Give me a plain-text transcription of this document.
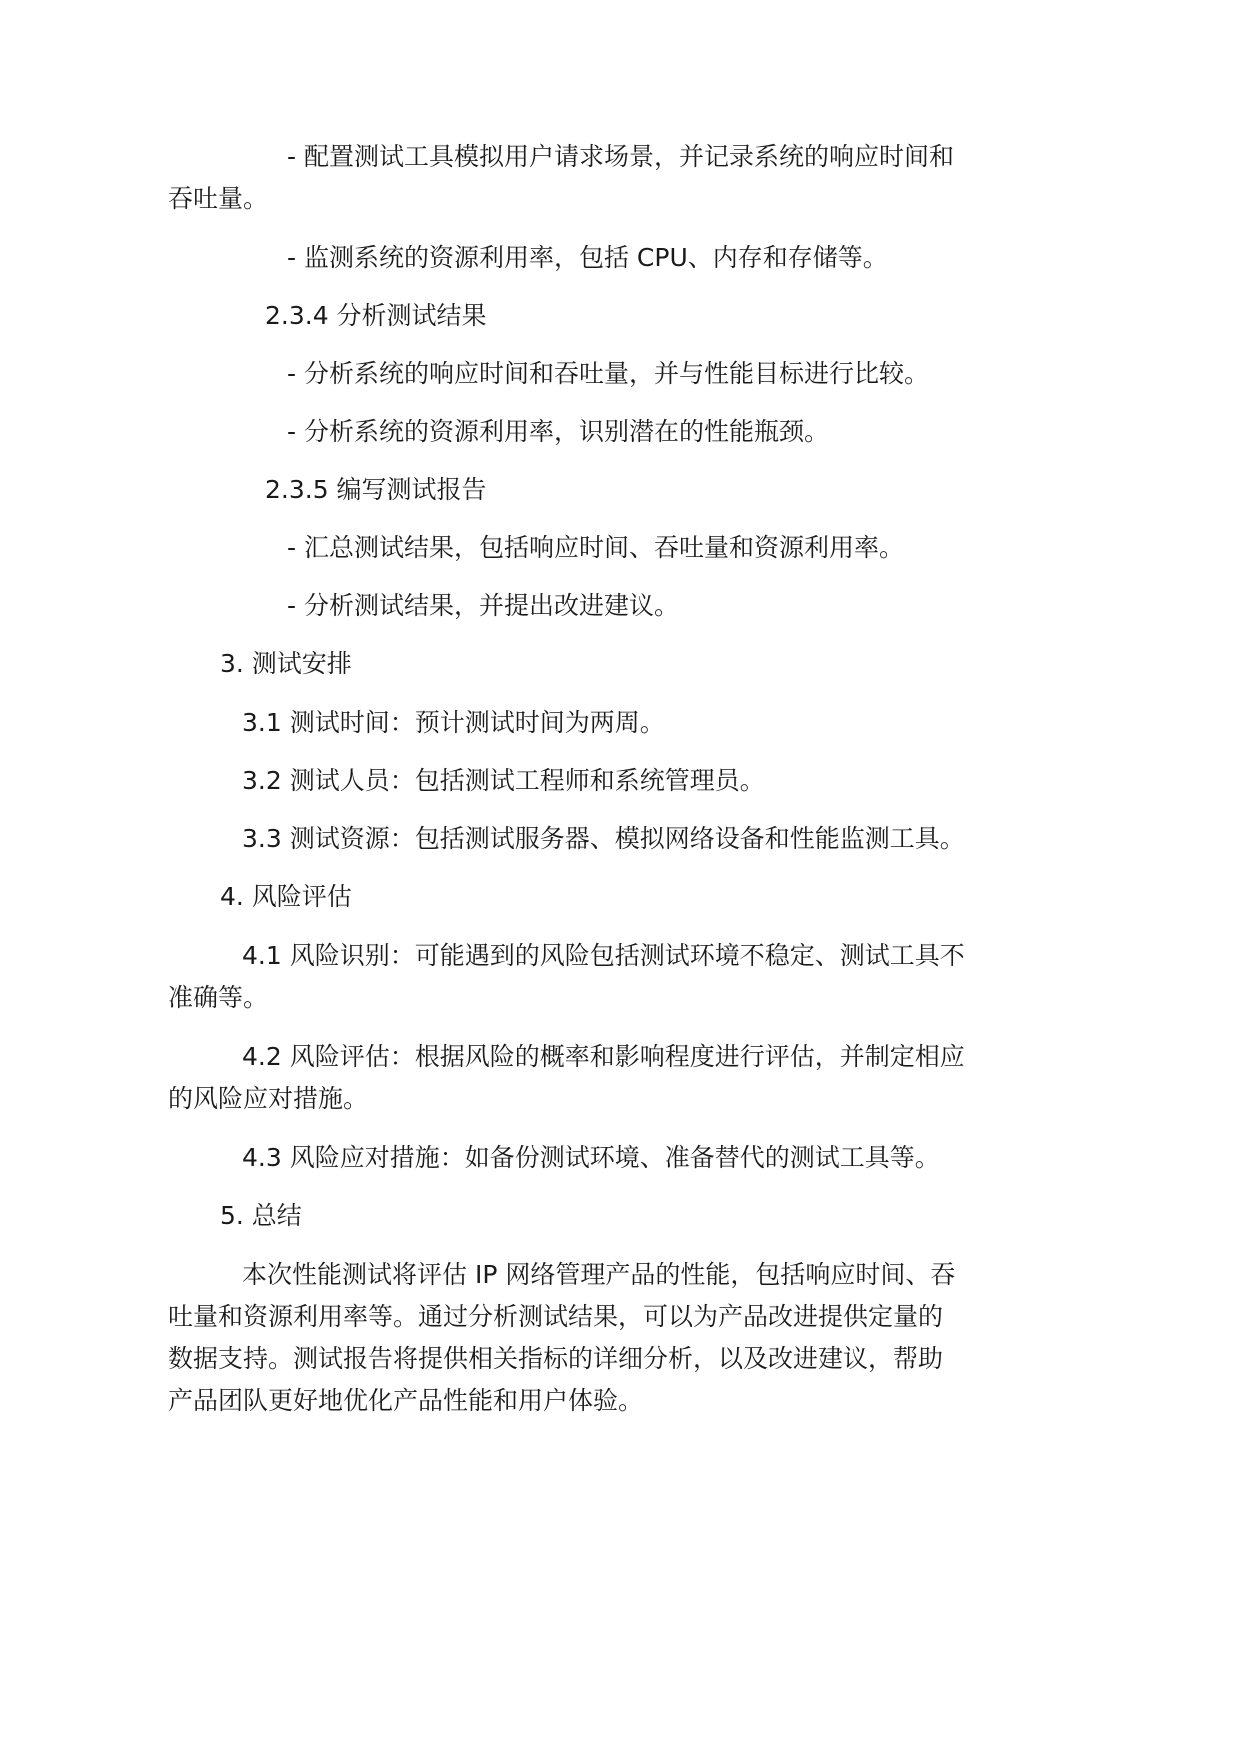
- 配置测试工具模拟用户请求场景，并记录系统的响应时间和
吞吐量。
- 监测系统的资源利用率，包括 CPU、内存和存储等。
2.3.4 分析测试结果
- 分析系统的响应时间和吞吐量，并与性能目标进行比较。
- 分析系统的资源利用率，识别潜在的性能瓶颈。
2.3.5 编写测试报告
- 汇总测试结果，包括响应时间、吞吐量和资源利用率。
- 分析测试结果，并提出改进建议。
3. 测试安排
3.1 测试时间：预计测试时间为两周。
3.2 测试人员：包括测试工程师和系统管理员。
3.3 测试资源：包括测试服务器、模拟网络设备和性能监测工具。
4. 风险评估
4.1 风险识别：可能遇到的风险包括测试环境不稳定、测试工具不
准确等。
4.2 风险评估：根据风险的概率和影响程度进行评估，并制定相应
的风险应对措施。
4.3 风险应对措施：如备份测试环境、准备替代的测试工具等。
5. 总结
本次性能测试将评估 IP 网络管理产品的性能，包括响应时间、吞
吐量和资源利用率等。通过分析测试结果，可以为产品改进提供定量的
数据支持。测试报告将提供相关指标的详细分析，以及改进建议，帮助
产品团队更好地优化产品性能和用户体验。
